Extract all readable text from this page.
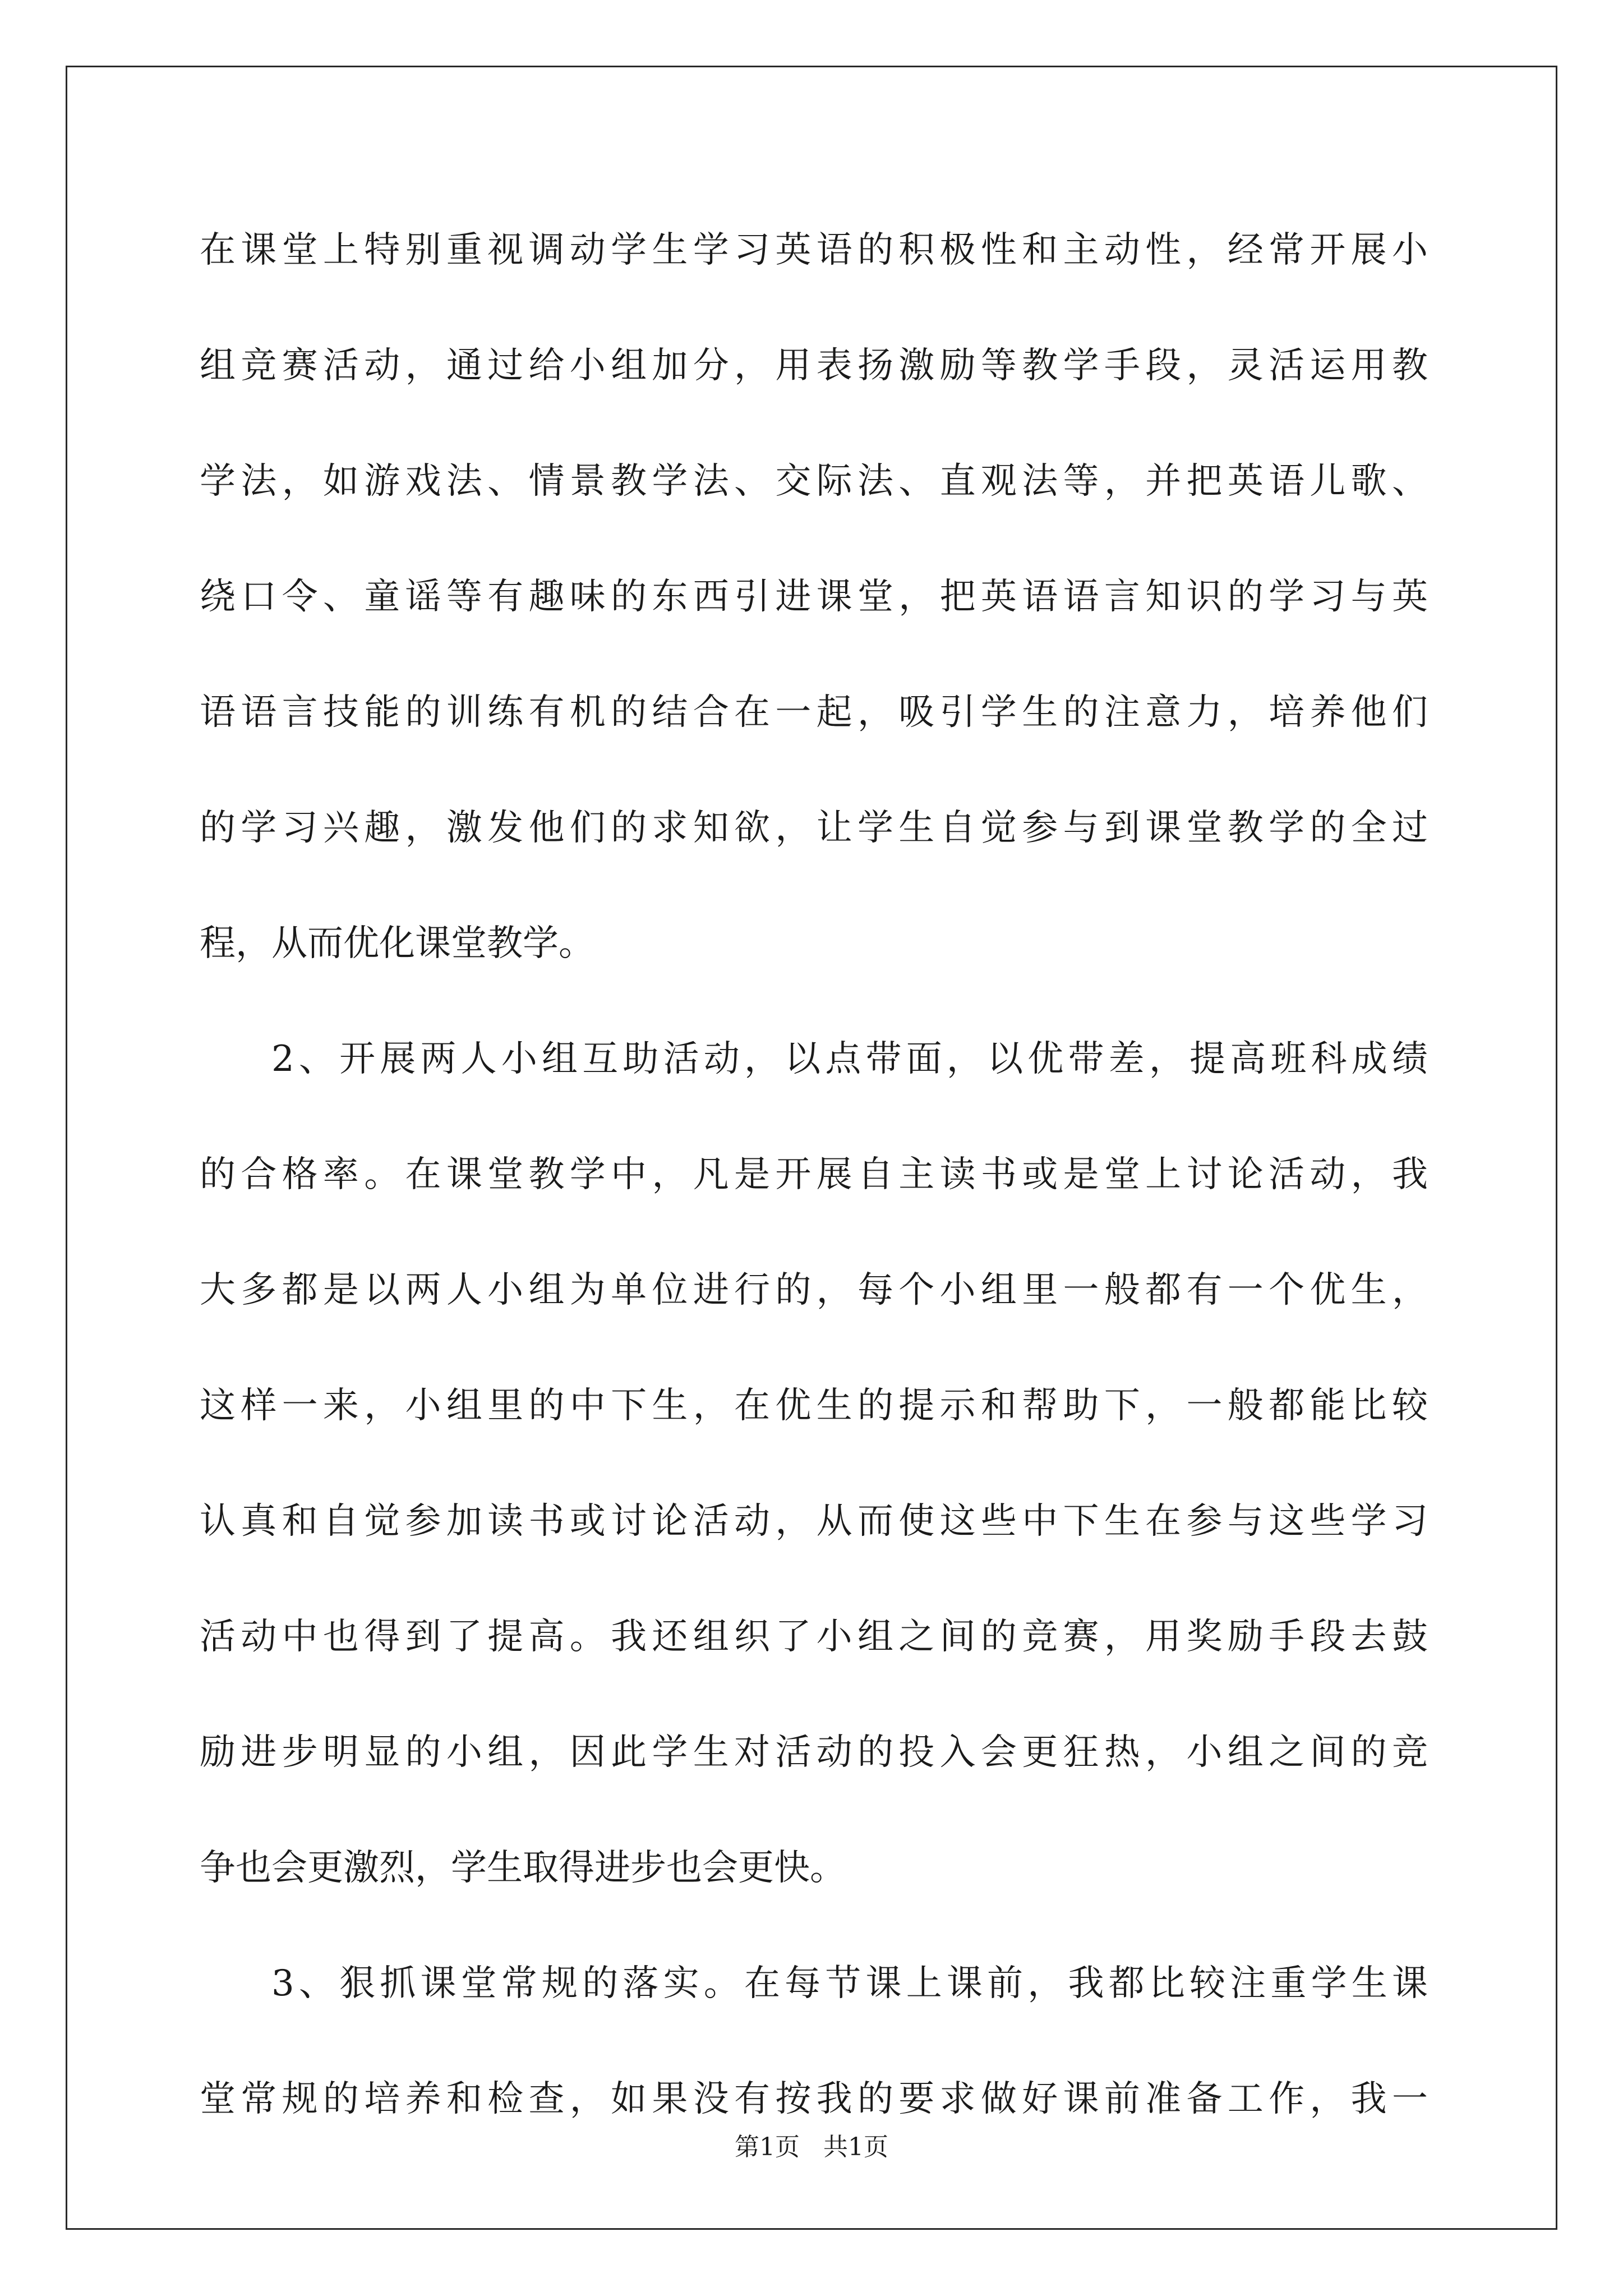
在课堂上特别重视调动学生学习英语的积极性和主动性，经常开展小
组竞赛活动，通过给小组加分，用表扬激励等教学手段，灵活运用教
学法，如游戏法、情景教学法、交际法、直观法等，并把英语儿歌、
绕口令、童谣等有趣味的东西引进课堂，把英语语言知识的学习与英
语语言技能的训练有机的结合在一起，吸引学生的注意力，培养他们
的学习兴趣，激发他们的求知欲，让学生自觉参与到课堂教学的全过
程，从而优化课堂教学。
2、开展两人小组互助活动，以点带面，以优带差，提高班科成绩
的合格率。在课堂教学中，凡是开展自主读书或是堂上讨论活动，我
大多都是以两人小组为单位进行的，每个小组里一般都有一个优生，
这样一来，小组里的中下生，在优生的提示和帮助下，一般都能比较
认真和自觉参加读书或讨论活动，从而使这些中下生在参与这些学习
活动中也得到了提高。我还组织了小组之间的竞赛，用奖励手段去鼓
励进步明显的小组，因此学生对活动的投入会更狂热，小组之间的竞
争也会更激烈，学生取得进步也会更快。
3、狠抓课堂常规的落实。在每节课上课前，我都比较注重学生课
堂常规的培养和检查，如果没有按我的要求做好课前准备工作，我一
第1页   共1页
